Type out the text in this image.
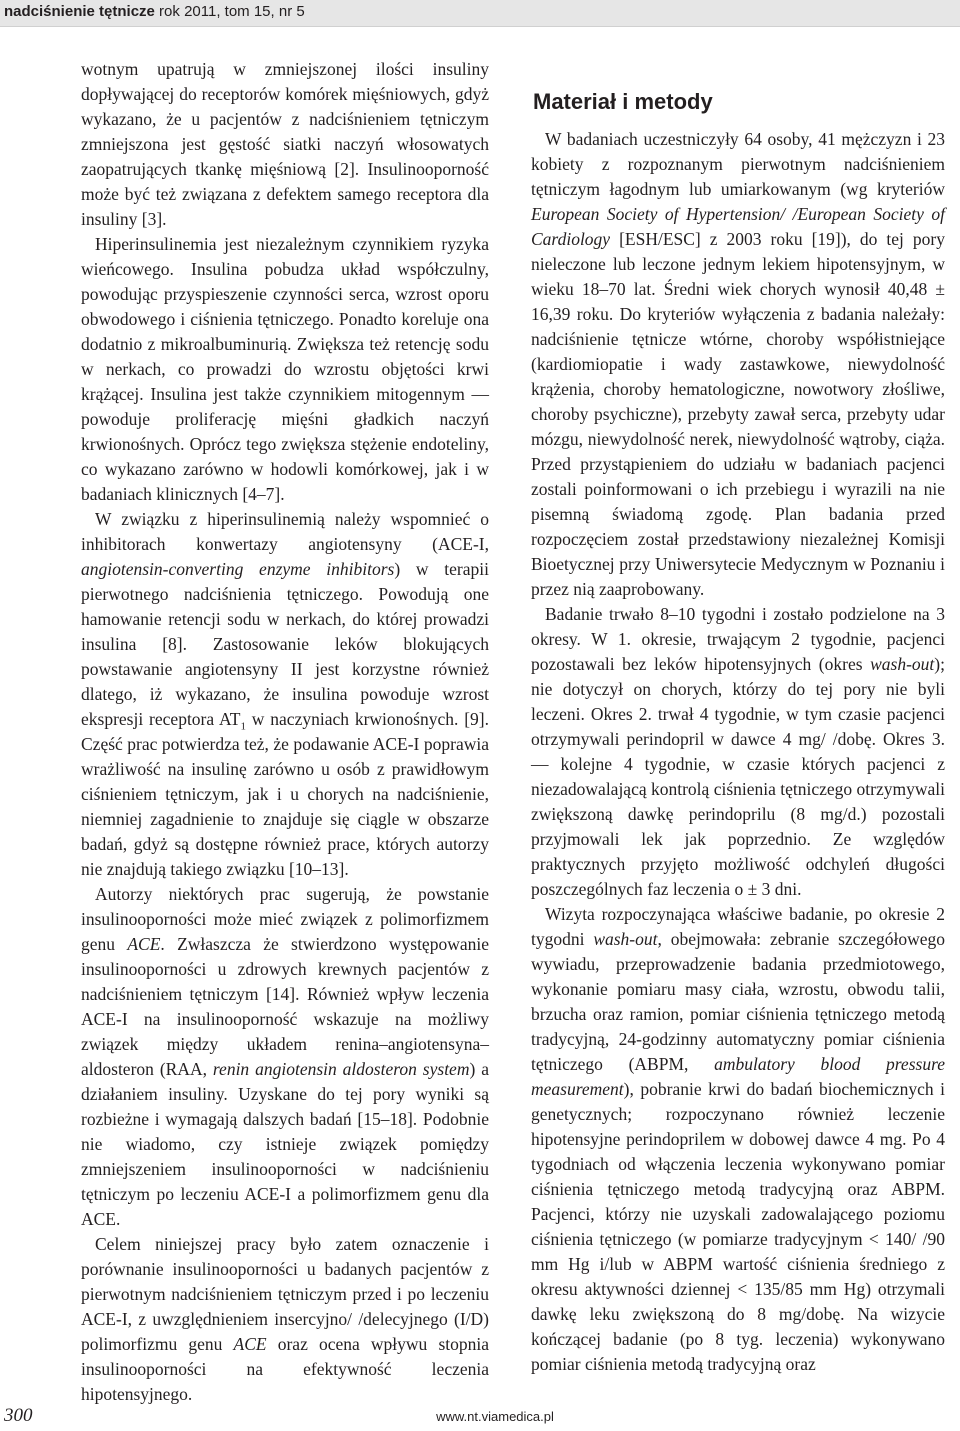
nadciśnienie tętnicze rok 2011, tom 15, nr 5

wotnym upatrują w zmniejszonej ilości insuliny dopływającej do receptorów komórek mięśniowych, gdyż wykazano, że u pacjentów z nadciśnieniem tętniczym zmniejszona jest gęstość siatki naczyń włosowatych zaopatrujących tkankę mięśniową [2]. Insulinooporność może być też związana z defektem samego receptora dla insuliny [3].

Hiperinsulinemia jest niezależnym czynnikiem ryzyka wieńcowego. Insulina pobudza układ współczulny, powodując przyspieszenie czynności serca, wzrost oporu obwodowego i ciśnienia tętniczego. Ponadto koreluje ona dodatnio z mikroalbuminurią. Zwiększa też retencję sodu w nerkach, co prowadzi do wzrostu objętości krwi krążącej. Insulina jest także czynnikiem mitogennym — powoduje proliferację mięśni gładkich naczyń krwionośnych. Oprócz tego zwiększa stężenie endoteliny, co wykazano zarówno w hodowli komórkowej, jak i w badaniach klinicznych [4–7].

W związku z hiperinsulinemią należy wspomnieć o inhibitorach konwertazy angiotensyny (ACE-I, angiotensin-converting enzyme inhibitors) w terapii pierwotnego nadciśnienia tętniczego. Powodują one hamowanie retencji sodu w nerkach, do której prowadzi insulina [8]. Zastosowanie leków blokujących powstawanie angiotensyny II jest korzystne również dlatego, iż wykazano, że insulina powoduje wzrost ekspresji receptora $AT_1$ w naczyniach krwionośnych. [9]. Część prac potwierdza też, że podawanie ACE-I poprawia wrażliwość na insulinę zarówno u osób z prawidłowym ciśnieniem tętniczym, jak i u chorych na nadciśnienie, niemniej zagadnienie to znajduje się ciągle w obszarze badań, gdyż są dostępne również prace, których autorzy nie znajdują takiego związku [10–13].

Autorzy niektórych prac sugerują, że powstanie insulinooporności może mieć związek z polimorfizmem genu ACE. Zwłaszcza że stwierdzono występowanie insulinooporności u zdrowych krewnych pacjentów z nadciśnieniem tętniczym [14]. Również wpływ leczenia ACE-I na insulinooporność wskazuje na możliwy związek między układem renina–angiotensyna–aldosteron (RAA, renin angiotensin aldosteron system) a działaniem insuliny. Uzyskane do tej pory wyniki są rozbieżne i wymagają dalszych badań [15–18]. Podobnie nie wiadomo, czy istnieje związek pomiędzy zmniejszeniem insulinooporności w nadciśnieniu tętniczym po leczeniu ACE-I a polimorfizmem genu dla ACE.

Celem niniejszej pracy było zatem oznaczenie i porównanie insulinooporności u badanych pacjentów z pierwotnym nadciśnieniem tętniczym przed i po leczeniu ACE-I, z uwzględnieniem insercyjno/ /delecyjnego (I/D) polimorfizmu genu ACE oraz ocena wpływu stopnia insulinooporności na efektywność leczenia hipotensyjnego.

Materiał i metody

W badaniach uczestniczyły 64 osoby, 41 mężczyzn i 23 kobiety z rozpoznanym pierwotnym nadciśnieniem tętniczym łagodnym lub umiarkowanym (wg kryteriów European Society of Hypertension/ /European Society of Cardiology [ESH/ESC] z 2003 roku [19]), do tej pory nieleczone lub leczone jednym lekiem hipotensyjnym, w wieku 18–70 lat. Średni wiek chorych wynosił 40,48 ± 16,39 roku. Do kryteriów wyłączenia z badania należały: nadciśnienie tętnicze wtórne, choroby współistniejące (kardiomiopatie i wady zastawkowe, niewydolność krążenia, choroby hematologiczne, nowotwory złośliwe, choroby psychiczne), przebyty zawał serca, przebyty udar mózgu, niewydolność nerek, niewydolność wątroby, ciąża. Przed przystąpieniem do udziału w badaniach pacjenci zostali poinformowani o ich przebiegu i wyrazili na nie pisemną świadomą zgodę. Plan badania przed rozpoczęciem został przedstawiony niezależnej Komisji Bioetycznej przy Uniwersytecie Medycznym w Poznaniu i przez nią zaaprobowany.

Badanie trwało 8–10 tygodni i zostało podzielone na 3 okresy. W 1. okresie, trwającym 2 tygodnie, pacjenci pozostawali bez leków hipotensyjnych (okres wash-out); nie dotyczył on chorych, którzy do tej pory nie byli leczeni. Okres 2. trwał 4 tygodnie, w tym czasie pacjenci otrzymywali perindopril w dawce 4 mg/ /dobę. Okres 3. — kolejne 4 tygodnie, w czasie których pacjenci z niezadowalającą kontrolą ciśnienia tętniczego otrzymywali zwiększoną dawkę perindoprilu (8 mg/d.) pozostali przyjmowali lek jak poprzednio. Ze względów praktycznych przyjęto możliwość odchyleń długości poszczególnych faz leczenia o ± 3 dni.

Wizyta rozpoczynająca właściwe badanie, po okresie 2 tygodni wash-out, obejmowała: zebranie szczegółowego wywiadu, przeprowadzenie badania przedmiotowego, wykonanie pomiaru masy ciała, wzrostu, obwodu talii, brzucha oraz ramion, pomiar ciśnienia tętniczego metodą tradycyjną, 24-godzinny automatyczny pomiar ciśnienia tętniczego (ABPM, ambulatory blood pressure measurement), pobranie krwi do badań biochemicznych i genetycznych; rozpoczynano również leczenie hipotensyjne perindoprilem w dobowej dawce 4 mg. Po 4 tygodniach od włączenia leczenia wykonywano pomiar ciśnienia tętniczego metodą tradycyjną oraz ABPM. Pacjenci, którzy nie uzyskali zadowalającego poziomu ciśnienia tętniczego (w pomiarze tradycyjnym < 140/ /90 mm Hg i/lub w ABPM wartość ciśnienia średniego z okresu aktywności dziennej < 135/85 mm Hg) otrzymali dawkę leku zwiększoną do 8 mg/dobę. Na wizycie kończącej badanie (po 8 tyg. leczenia) wykonywano pomiar ciśnienia metodą tradycyjną oraz

300	www.nt.viamedica.pl
